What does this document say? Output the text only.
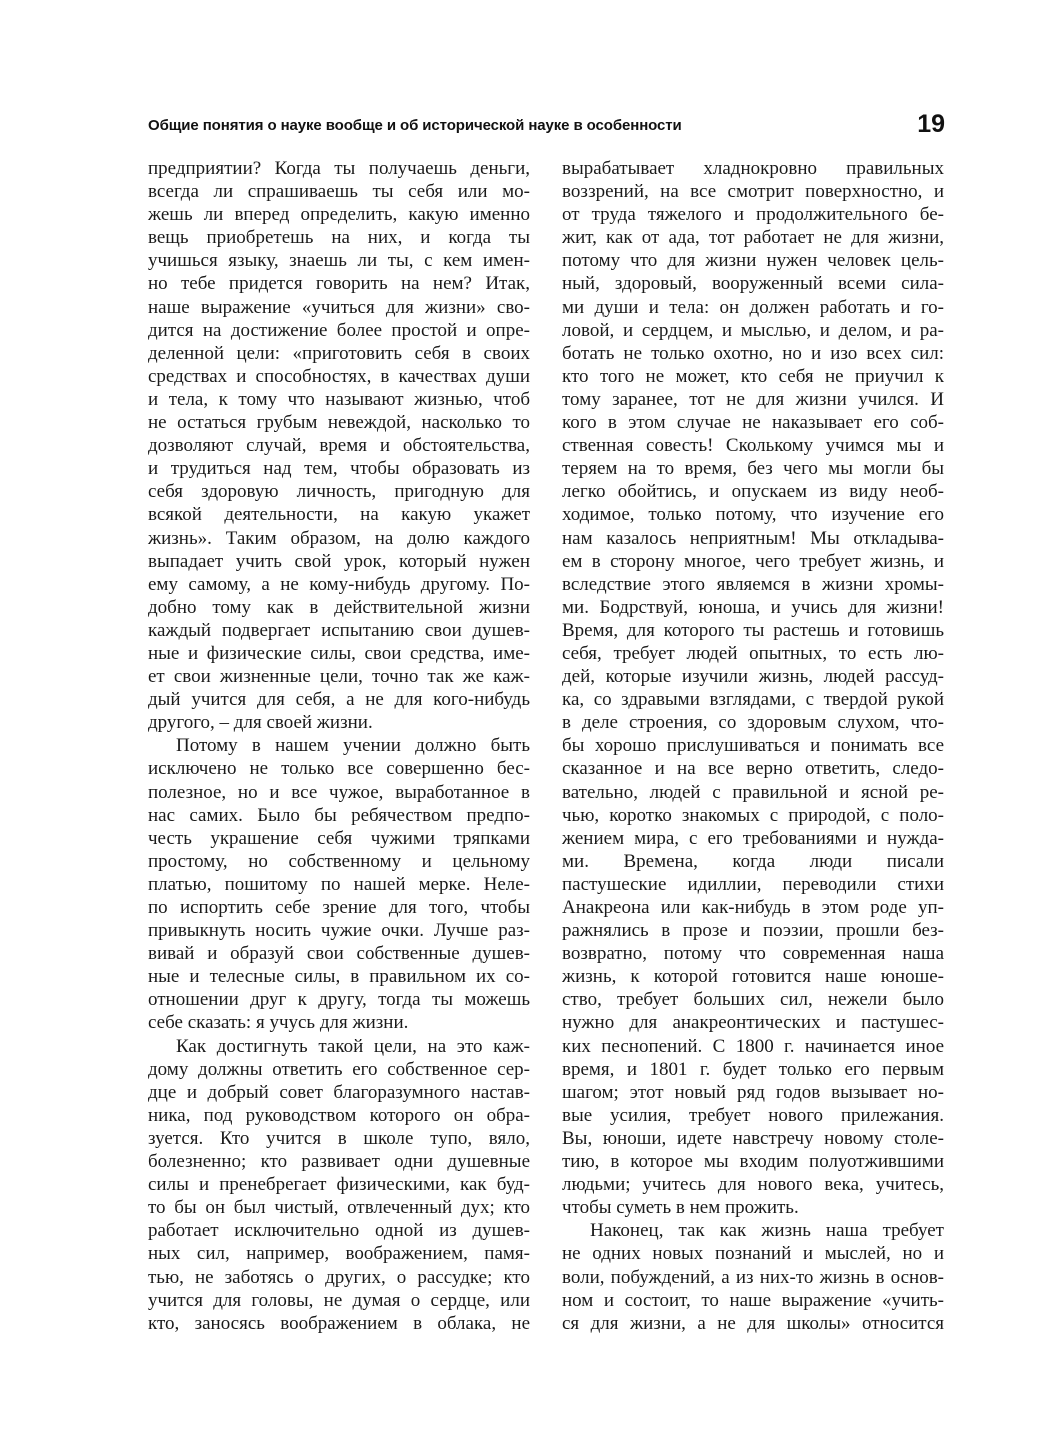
Общие понятия о науке вообще и об исторической науке в особенности	19
предприятии? Когда ты получаешь деньги,
всегда ли спрашиваешь ты себя или мо-
жешь ли вперед определить, какую именно
вещь приобретешь на них, и когда ты
учишься языку, знаешь ли ты, с кем имен-
но тебе придется говорить на нем? Итак,
наше выражение «учиться для жизни» сво-
дится на достижение более простой и опре-
деленной цели: «приготовить себя в своих
средствах и способностях, в качествах души
и тела, к тому что называют жизнью, чтоб
не остаться грубым невеждой, насколько то
дозволяют случай, время и обстоятельства,
и трудиться над тем, чтобы образовать из
себя здоровую личность, пригодную для
всякой деятельности, на какую укажет
жизнь». Таким образом, на долю каждого
выпадает учить свой урок, который нужен
ему самому, а не кому-нибудь другому. По-
добно тому как в действительной жизни
каждый подвергает испытанию свои душев-
ные и физические силы, свои средства, име-
ет свои жизненные цели, точно так же каж-
дый учится для себя, а не для кого-нибудь
другого, – для своей жизни.
Потому в нашем учении должно быть
исключено не только все совершенно бес-
полезное, но и все чужое, выработанное в
нас самих. Было бы ребячеством предпо-
честь украшение себя чужими тряпками
простому, но собственному и цельному
платью, пошитому по нашей мерке. Неле-
по испортить себе зрение для того, чтобы
привыкнуть носить чужие очки. Лучше раз-
вивай и образуй свои собственные душев-
ные и телесные силы, в правильном их со-
отношении друг к другу, тогда ты можешь
себе сказать: я учусь для жизни.
Как достигнуть такой цели, на это каж-
дому должны ответить его собственное сер-
дце и добрый совет благоразумного настав-
ника, под руководством которого он обра-
зуется. Кто учится в школе тупо, вяло,
болезненно; кто развивает одни душевные
силы и пренебрегает физическими, как буд-
то бы он был чистый, отвлеченный дух; кто
работает исключительно одной из душев-
ных сил, например, воображением, памя-
тью, не заботясь о других, о рассудке; кто
учится для головы, не думая о сердце, или
кто, заносясь воображением в облака, не
вырабатывает хладнокровно правильных
воззрений, на все смотрит поверхностно, и
от труда тяжелого и продолжительного бе-
жит, как от ада, тот работает не для жизни,
потому что для жизни нужен человек цель-
ный, здоровый, вооруженный всеми сила-
ми души и тела: он должен работать и го-
ловой, и сердцем, и мыслью, и делом, и ра-
ботать не только охотно, но и изо всех сил:
кто того не может, кто себя не приучил к
тому заранее, тот не для жизни учился. И
кого в этом случае не наказывает его соб-
ственная совесть! Сколькому учимся мы и
теряем на то время, без чего мы могли бы
легко обойтись, и опускаем из виду необ-
ходимое, только потому, что изучение его
нам казалось неприятным! Мы откладыва-
ем в сторону многое, чего требует жизнь, и
вследствие этого являемся в жизни хромы-
ми. Бодрствуй, юноша, и учись для жизни!
Время, для которого ты растешь и готовишь
себя, требует людей опытных, то есть лю-
дей, которые изучили жизнь, людей рассуд-
ка, со здравыми взглядами, с твердой рукой
в деле строения, со здоровым слухом, что-
бы хорошо прислушиваться и понимать все
сказанное и на все верно ответить, следо-
вательно, людей с правильной и ясной ре-
чью, коротко знакомых с природой, с поло-
жением мира, с его требованиями и нужда-
ми. Времена, когда люди писали
пастушеские идиллии, переводили стихи
Анакреона или как-нибудь в этом роде уп-
ражнялись в прозе и поэзии, прошли без-
возвратно, потому что современная наша
жизнь, к которой готовится наше юноше-
ство, требует больших сил, нежели было
нужно для анакреонтических и пастушес-
ких песнопений. С 1800 г. начинается иное
время, и 1801 г. будет только его первым
шагом; этот новый ряд годов вызывает но-
вые усилия, требует нового прилежания.
Вы, юноши, идете навстречу новому столе-
тию, в которое мы входим полуотжившими
людьми; учитесь для нового века, учитесь,
чтобы суметь в нем прожить.
Наконец, так как жизнь наша требует
не одних новых познаний и мыслей, но и
воли, побуждений, а из них-то жизнь в основ-
ном и состоит, то наше выражение «учить-
ся для жизни, а не для школы» относится
